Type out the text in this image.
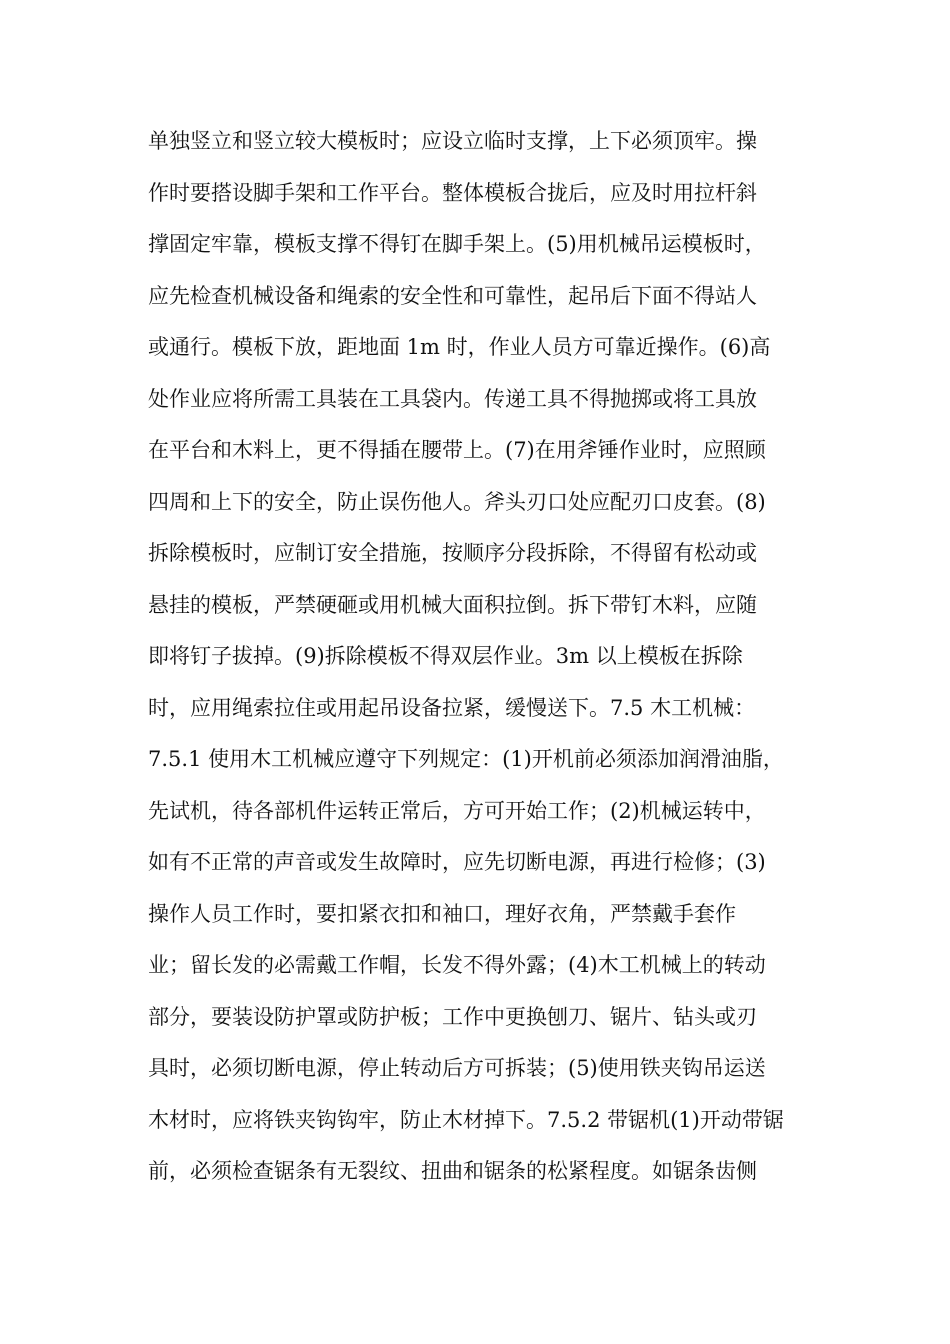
单独竖立和竖立较大模板时；应设立临时支撑，上下必须顶牢。操
作时要搭设脚手架和工作平台。整体模板合拢后，应及时用拉杆斜
撑固定牢靠，模板支撑不得钉在脚手架上。(5)用机械吊运模板时，
应先检查机械设备和绳索的安全性和可靠性，起吊后下面不得站人
或通行。模板下放，距地面 1m 时，作业人员方可靠近操作。(6)高
处作业应将所需工具装在工具袋内。传递工具不得抛掷或将工具放
在平台和木料上，更不得插在腰带上。(7)在用斧锤作业时，应照顾
四周和上下的安全，防止误伤他人。斧头刃口处应配刃口皮套。(8)
拆除模板时，应制订安全措施，按顺序分段拆除，不得留有松动或
悬挂的模板，严禁硬砸或用机械大面积拉倒。拆下带钉木料，应随
即将钉子拔掉。(9)拆除模板不得双层作业。3m 以上模板在拆除
时，应用绳索拉住或用起吊设备拉紧，缓慢送下。7.5 木工机械：
7.5.1 使用木工机械应遵守下列规定：(1)开机前必须添加润滑油脂，
先试机，待各部机件运转正常后，方可开始工作；(2)机械运转中，
如有不正常的声音或发生故障时，应先切断电源，再进行检修；(3)
操作人员工作时，要扣紧衣扣和袖口，理好衣角，严禁戴手套作
业；留长发的必需戴工作帽，长发不得外露；(4)木工机械上的转动
部分，要装设防护罩或防护板；工作中更换刨刀、锯片、钻头或刃
具时，必须切断电源，停止转动后方可拆装；(5)使用铁夹钩吊运送
木材时，应将铁夹钩钩牢，防止木材掉下。7.5.2 带锯机(1)开动带锯
前，必须检查锯条有无裂纹、扭曲和锯条的松紧程度。如锯条齿侧
